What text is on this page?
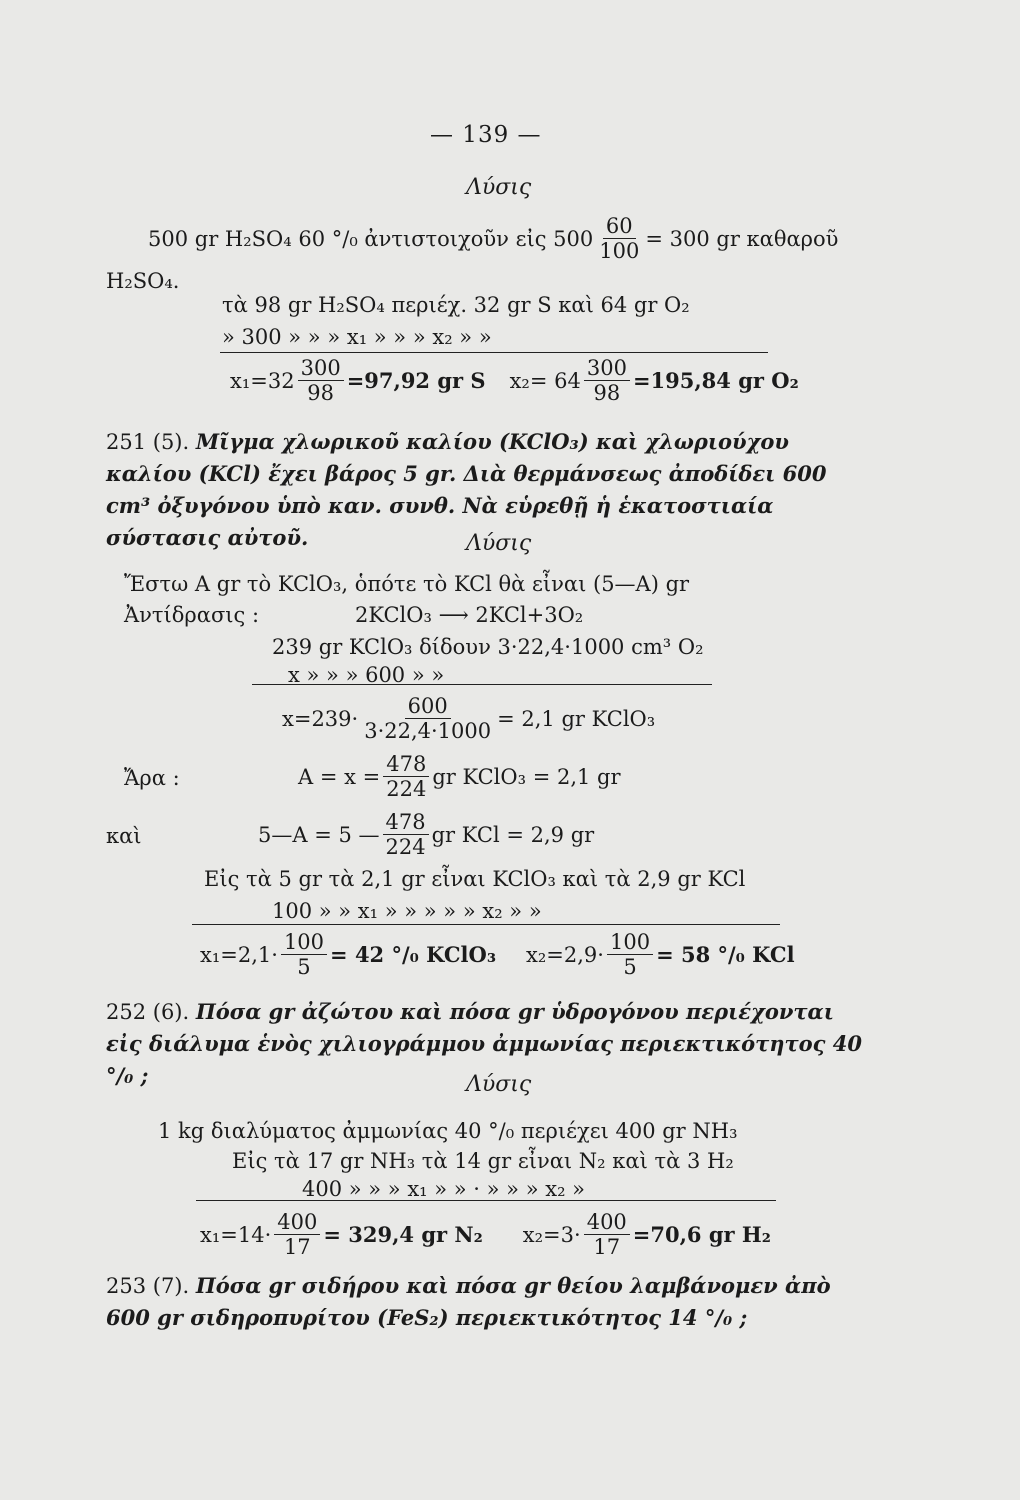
— 139 —
Λύσις
500 gr H₂SO₄ 60 °/₀ ἀντιστοιχοῦν εἰς $500 \frac{60}{100} = 300$ gr καθαροῦ
H₂SO₄.
τὰ 98 gr H₂SO₄ περιέχ. 32 gr S καὶ 64 gr O₂
» 300 » » » x₁ » » » x₂ » »
$x_1=32 \frac{300}{98} =97,92$ gr S $x_2= 64 \frac{300}{98} =195,84$ gr O₂
251 (5). Μῖγμα χλωρικοῦ καλίου (KClO₃) καὶ χλωριούχου καλίου (KCl) ἔχει βάρος 5 gr. Διὰ θερμάνσεως ἀποδίδει 600 cm³ ὀξυγόνου ὑπὸ καν. συνθ. Νὰ εὑρεθῇ ἡ ἑκατοστιαία σύστασις αὐτοῦ.	Λύσις
Ἔστω A gr τὸ KClO₃, ὁπότε τὸ KCl θὰ εἶναι (5—A) gr
Ἀντίδρασις :	2KClO₃ ⟶ 2KCl+3O₂
239 gr KClO₃ δίδουν 3·22,4·1000 cm³ O₂
x » » » 600 » »
$x=239\cdot \frac{600}{3\cdot 22,4\cdot 1000} = 2,1$ gr KClO₃
Ἄρα :	$A = x = \frac{478}{224}$ gr KClO₃ = 2,1 gr
καὶ	5—A = 5 — $\frac{478}{224}$ gr KCl = 2,9 gr
Εἰς τὰ 5 gr τὰ 2,1 gr εἶναι KClO₃ καὶ τὰ 2,9 gr KCl
100 » » x₁ » » » » » x₂ » »
$x_1=2,1\cdot \frac{100}{5} = 42$ °/₀ KClO₃ $x_2=2,9\cdot \frac{100}{5} = 58$ °/₀ KCl
252 (6). Πόσα gr ἀζώτου καὶ πόσα gr ὑδρογόνου περιέχονται εἰς διάλυμα ἑνὸς χιλιογράμμου ἀμμωνίας περιεκτικότητος 40 °/₀ ;	Λύσις
1 kg διαλύματος ἀμμωνίας 40 °/₀ περιέχει 400 gr NH₃
Εἰς τὰ 17 gr NH₃ τὰ 14 gr εἶναι N₂ καὶ τὰ 3 H₂
400 » » » x₁ » » · » » » x₂ »
$x_1=14\cdot \frac{400}{17} = 329,4$ gr N₂ $x_2=3\cdot \frac{400}{17} =70,6$ gr H₂
253 (7). Πόσα gr σιδήρου καὶ πόσα gr θείου λαμβάνομεν ἀπὸ 600 gr σιδηροπυρίτου (FeS₂) περιεκτικότητος 14 °/₀ ;
